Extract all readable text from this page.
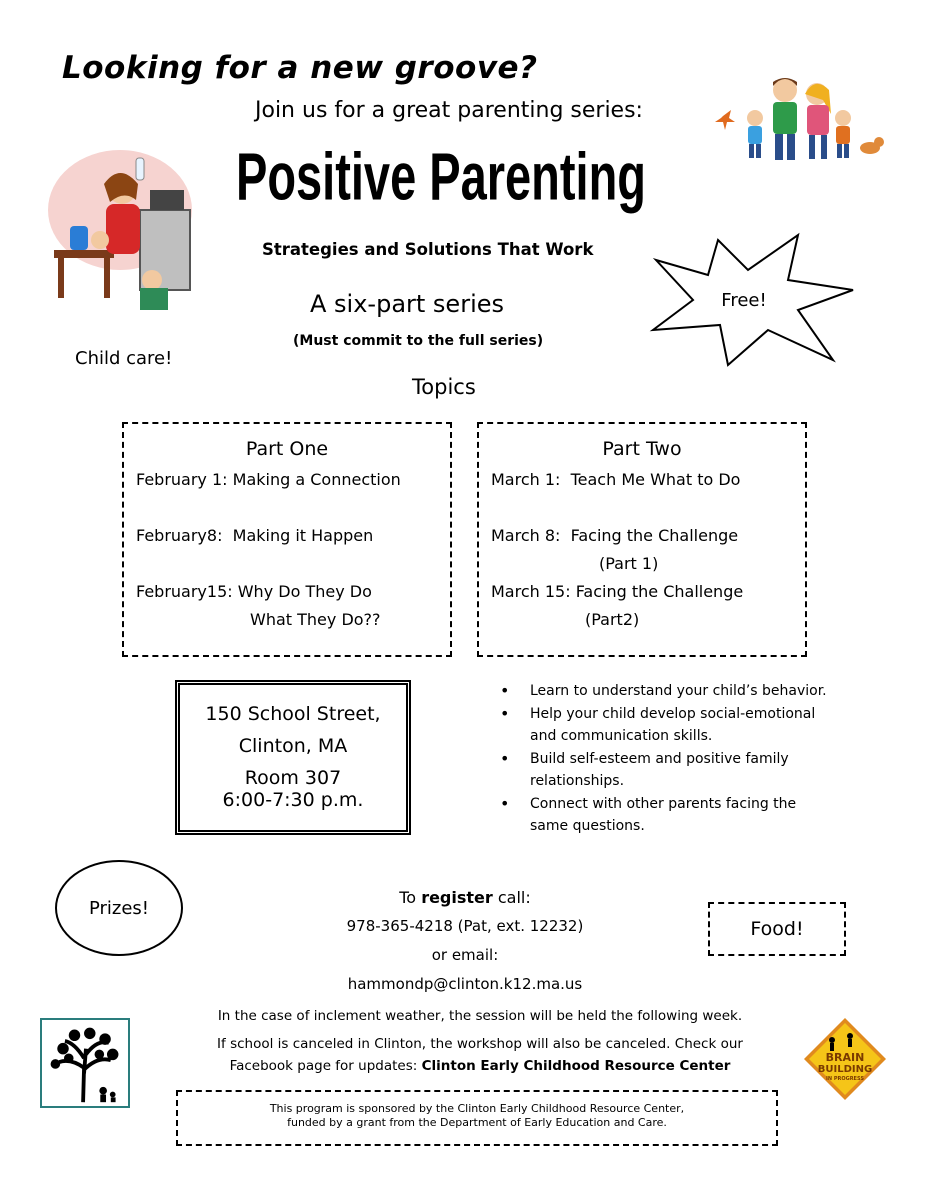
Looking for a new groove?
Join us for a great parenting series:
Positive Parenting
Strategies and Solutions That Work
A six-part series
(Must commit to the full series)
Free!
Child care!
Topics
Part One
February 1: Making a Connection
February8:  Making it Happen
February15: Why Do They Do
What They Do??
Part Two
March 1:  Teach Me What to Do
March 8:  Facing the Challenge
(Part 1)
March 15: Facing the Challenge
(Part2)
150 School Street,
Clinton, MA
Room 307
6:00-7:30 p.m.
• Learn to understand your child’s behavior.
• Help your child develop social-emotional and communication skills.
• Build self-esteem and positive family relationships.
• Connect with other parents facing the same questions.
Prizes!
To register call:
978-365-4218 (Pat, ext. 12232)
or email:
hammondp@clinton.k12.ma.us
Food!
In the case of inclement weather, the session will be held the following week.
If school is canceled in Clinton, the workshop will also be canceled. Check our
Facebook page for updates: Clinton Early Childhood Resource Center
BRAIN
BUILDING
IN PROGRESS
This program is sponsored by the Clinton Early Childhood Resource Center,
funded by a grant from the Department of Early Education and Care.
